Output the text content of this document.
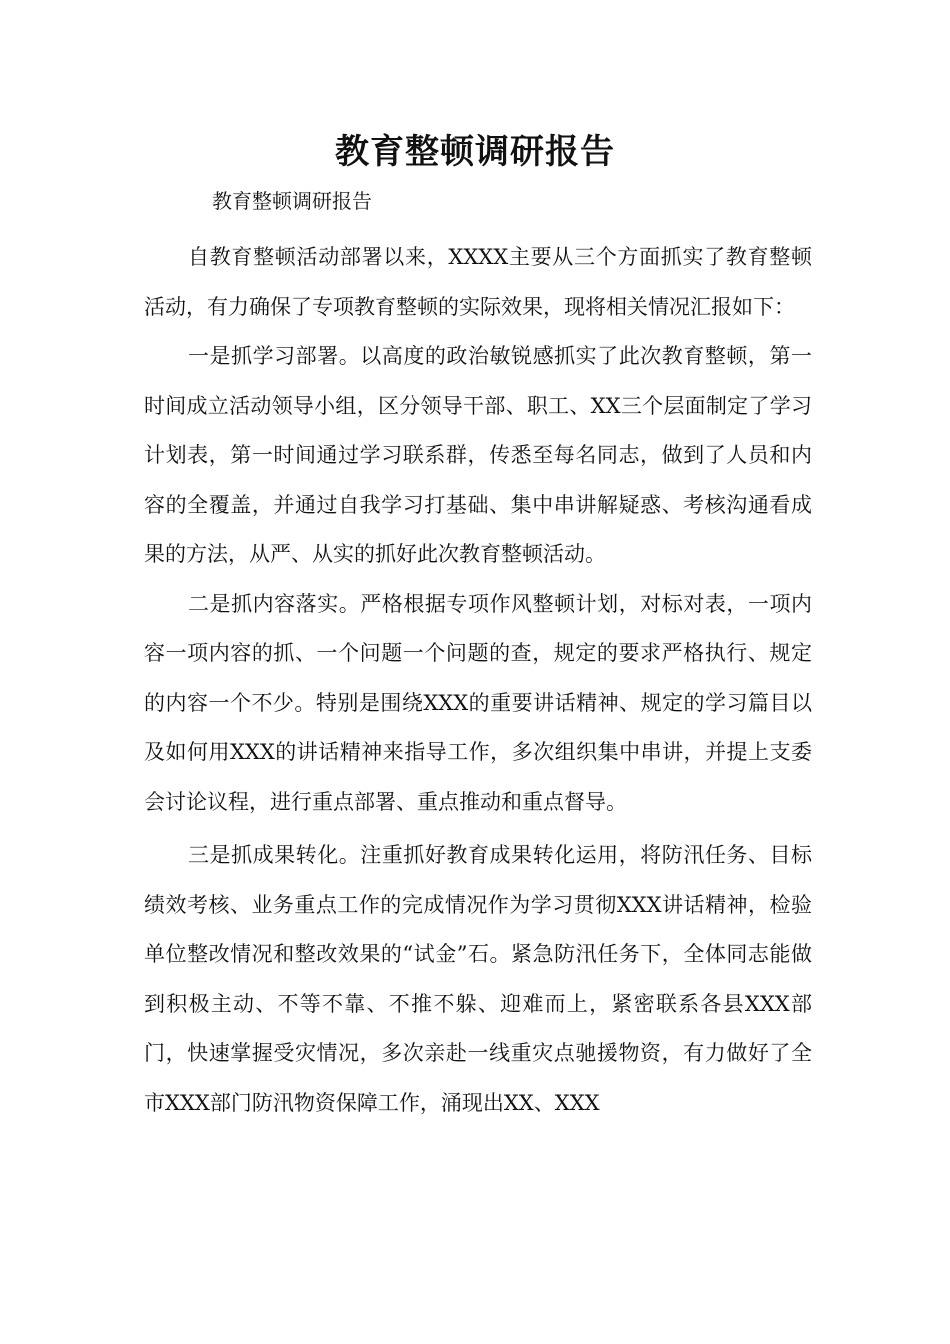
教育整顿调研报告

教育整顿调研报告

自教育整顿活动部署以来，XXXX主要从三个方面抓实了教育整顿活动，有力确保了专项教育整顿的实际效果，现将相关情况汇报如下：

一是抓学习部署。以高度的政治敏锐感抓实了此次教育整顿，第一时间成立活动领导小组，区分领导干部、职工、XX三个层面制定了学习计划表，第一时间通过学习联系群，传悉至每名同志，做到了人员和内容的全覆盖，并通过自我学习打基础、集中串讲解疑惑、考核沟通看成果的方法，从严、从实的抓好此次教育整顿活动。

二是抓内容落实。严格根据专项作风整顿计划，对标对表，一项内容一项内容的抓、一个问题一个问题的查，规定的要求严格执行、规定的内容一个不少。特别是围绕XXX的重要讲话精神、规定的学习篇目以及如何用XXX的讲话精神来指导工作，多次组织集中串讲，并提上支委会讨论议程，进行重点部署、重点推动和重点督导。

三是抓成果转化。注重抓好教育成果转化运用，将防汛任务、目标绩效考核、业务重点工作的完成情况作为学习贯彻XXX讲话精神，检验单位整改情况和整改效果的“试金”石。紧急防汛任务下，全体同志能做到积极主动、不等不靠、不推不躲、迎难而上，紧密联系各县XXX部门，快速掌握受灾情况，多次亲赴一线重灾点驰援物资，有力做好了全市XXX部门防汛物资保障工作，涌现出XX、XXX
